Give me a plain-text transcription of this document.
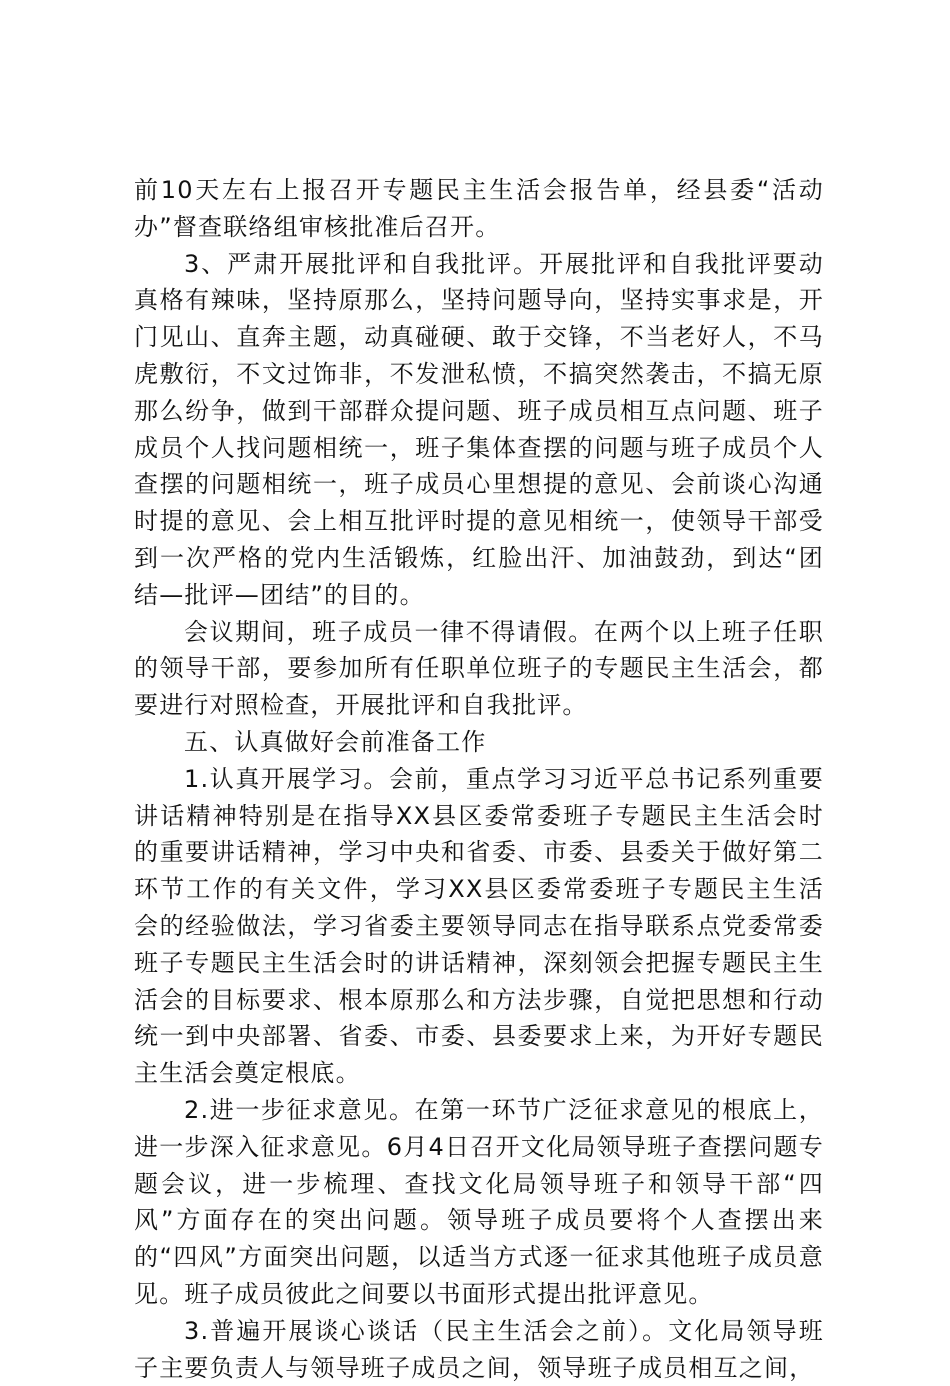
前10天左右上报召开专题民主生活会报告单，经县委“活动办”督查联络组审核批准后召开。

3、严肃开展批评和自我批评。开展批评和自我批评要动真格有辣味，坚持原那么，坚持问题导向，坚持实事求是，开门见山、直奔主题，动真碰硬、敢于交锋，不当老好人，不马虎敷衍，不文过饰非，不发泄私愤，不搞突然袭击，不搞无原那么纷争，做到干部群众提问题、班子成员相互点问题、班子成员个人找问题相统一，班子集体查摆的问题与班子成员个人查摆的问题相统一，班子成员心里想提的意见、会前谈心沟通时提的意见、会上相互批评时提的意见相统一，使领导干部受到一次严格的党内生活锻炼，红脸出汗、加油鼓劲，到达“团结—批评—团结”的目的。

会议期间，班子成员一律不得请假。在两个以上班子任职的领导干部，要参加所有任职单位班子的专题民主生活会，都要进行对照检查，开展批评和自我批评。

五、认真做好会前准备工作

1.认真开展学习。会前，重点学习习近平总书记系列重要讲话精神特别是在指导XX县区委常委班子专题民主生活会时的重要讲话精神，学习中央和省委、市委、县委关于做好第二环节工作的有关文件，学习XX县区委常委班子专题民主生活会的经验做法，学习省委主要领导同志在指导联系点党委常委班子专题民主生活会时的讲话精神，深刻领会把握专题民主生活会的目标要求、根本原那么和方法步骤，自觉把思想和行动统一到中央部署、省委、市委、县委要求上来，为开好专题民主生活会奠定根底。

2.进一步征求意见。在第一环节广泛征求意见的根底上，进一步深入征求意见。6月4日召开文化局领导班子查摆问题专题会议，进一步梳理、查找文化局领导班子和领导干部“四风”方面存在的突出问题。领导班子成员要将个人查摆出来的“四风”方面突出问题，以适当方式逐一征求其他班子成员意见。班子成员彼此之间要以书面形式提出批评意见。

3.普遍开展谈心谈话（民主生活会之前）。文化局领导班子主要负责人与领导班子成员之间，领导班子成员相互之间，
